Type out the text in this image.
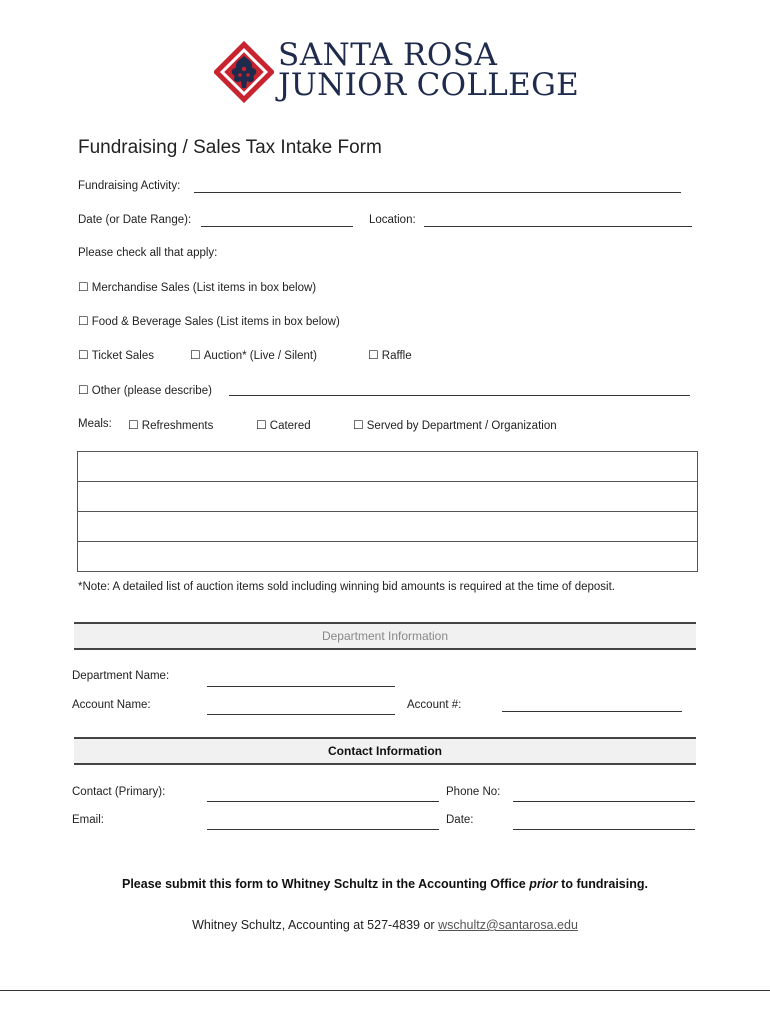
SANTA ROSA
JUNIOR COLLEGE
Fundraising / Sales Tax Intake Form
Fundraising Activity:
Date (or Date Range):	Location:
Please check all that apply:
☐ Merchandise Sales (List items in box below)
☐ Food & Beverage Sales (List items in box below)
☐ Ticket Sales	☐ Auction* (Live / Silent)	☐ Raffle
☐ Other (please describe)
Meals: ☐ Refreshments	☐ Catered	☐ Served by Department / Organization
*Note: A detailed list of auction items sold including winning bid amounts is required at the time of deposit.
Department Information
Department Name:
Account Name:	Account #:
Contact Information
Contact (Primary):	Phone No:
Email:	Date:
Please submit this form to Whitney Schultz in the Accounting Office prior to fundraising.
Whitney Schultz, Accounting at 527-4839 or wschultz@santarosa.edu
